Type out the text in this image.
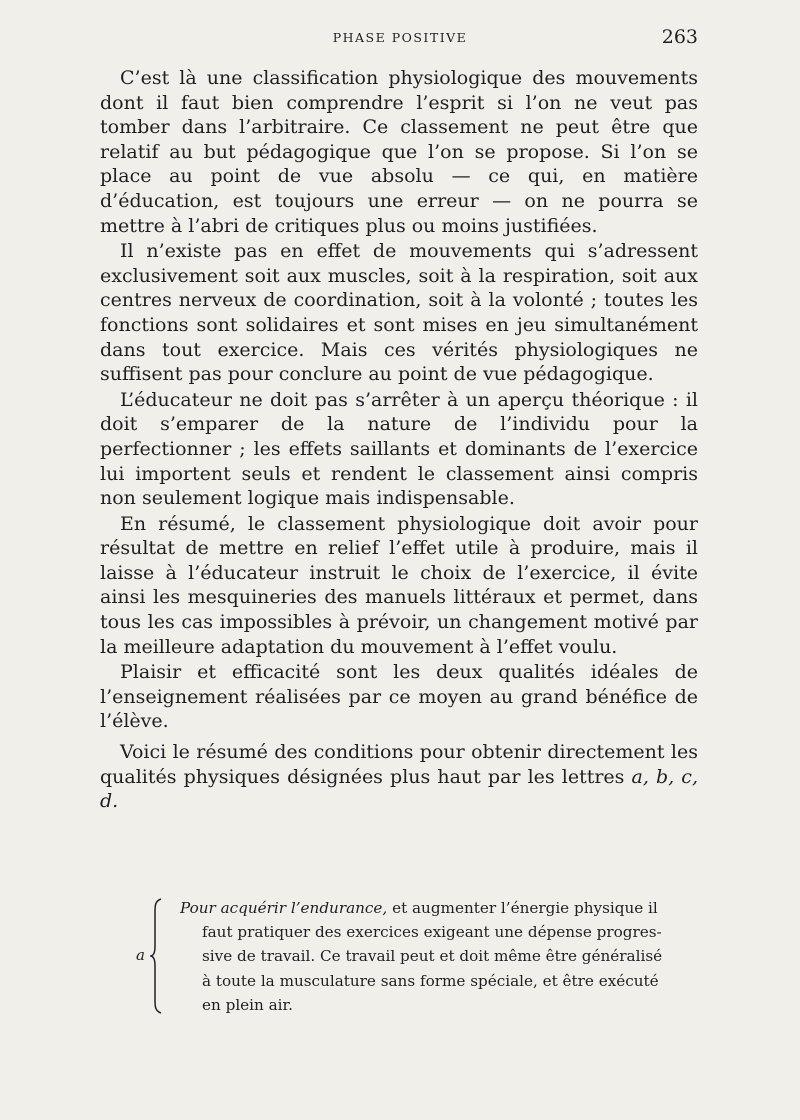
PHASE POSITIVE	263

C’est là une classification physiologique des mouvements dont il faut bien comprendre l’esprit si l’on ne veut pas tomber dans l’arbitraire. Ce classement ne peut être que relatif au but pédagogique que l’on se propose. Si l’on se place au point de vue absolu — ce qui, en matière d’éducation, est toujours une erreur — on ne pourra se mettre à l’abri de critiques plus ou moins justifiées.

Il n’existe pas en effet de mouvements qui s’adressent exclusivement soit aux muscles, soit à la respiration, soit aux centres nerveux de coordination, soit à la volonté ; toutes les fonctions sont solidaires et sont mises en jeu simultanément dans tout exercice. Mais ces vérités physiologiques ne suffisent pas pour conclure au point de vue pédagogique.

L’éducateur ne doit pas s’arrêter à un aperçu théorique : il doit s’emparer de la nature de l’individu pour la perfectionner ; les effets saillants et dominants de l’exercice lui importent seuls et rendent le classement ainsi compris non seulement logique mais indispensable.

En résumé, le classement physiologique doit avoir pour résultat de mettre en relief l’effet utile à produire, mais il laisse à l’éducateur instruit le choix de l’exercice, il évite ainsi les mesquineries des manuels littéraux et permet, dans tous les cas impossibles à prévoir, un changement motivé par la meilleure adaptation du mouvement à l’effet voulu.

Plaisir et efficacité sont les deux qualités idéales de l’enseignement réalisées par ce moyen au grand bénéfice de l’élève.

Voici le résumé des conditions pour obtenir directement les qualités physiques désignées plus haut par les lettres a, b, c, d.

a
Pour acquérir l’endurance, et augmenter l’énergie physique il
faut pratiquer des exercices exigeant une dépense progres-
sive de travail. Ce travail peut et doit même être généralisé
à toute la musculature sans forme spéciale, et être exécuté
en plein air.
